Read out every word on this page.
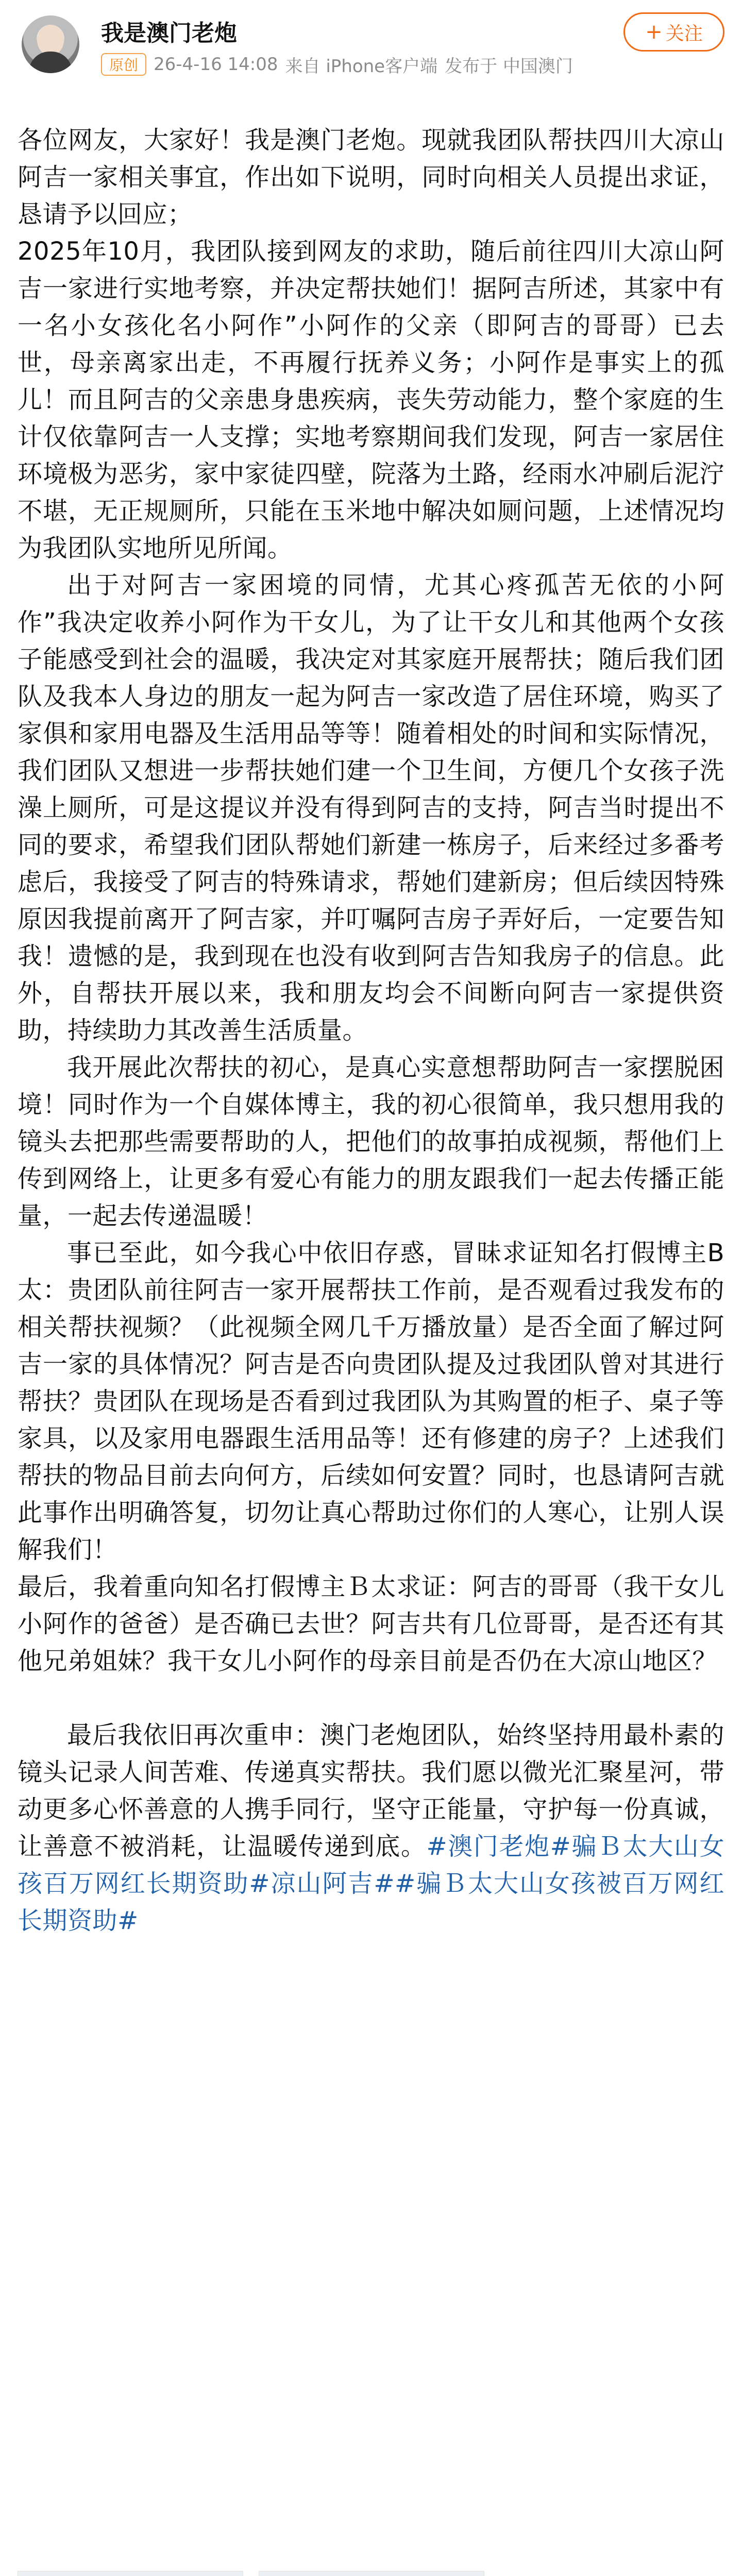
我是澳门老炮
原创 26-4-16 14:08 来自 iPhone客户端 发布于 中国澳门
+ 关注

各位网友，大家好！我是澳门老炮。现就我团队帮扶四川大凉山阿吉一家相关事宜，作出如下说明，同时向相关人员提出求证，恳请予以回应；

2025年10月，我团队接到网友的求助，随后前往四川大凉山阿吉一家进行实地考察，并决定帮扶她们！据阿吉所述，其家中有一名小女孩化名小阿作”小阿作的父亲（即阿吉的哥哥）已去世，母亲离家出走，不再履行抚养义务；小阿作是事实上的孤儿！而且阿吉的父亲患身患疾病，丧失劳动能力，整个家庭的生计仅依靠阿吉一人支撑；实地考察期间我们发现，阿吉一家居住环境极为恶劣，家中家徒四壁，院落为土路，经雨水冲刷后泥泞不堪，无正规厕所，只能在玉米地中解决如厕问题，上述情况均为我团队实地所见所闻。

出于对阿吉一家困境的同情，尤其心疼孤苦无依的小阿作”我决定收养小阿作为干女儿，为了让干女儿和其他两个女孩子能感受到社会的温暖，我决定对其家庭开展帮扶；随后我们团队及我本人身边的朋友一起为阿吉一家改造了居住环境，购买了家俱和家用电器及生活用品等等！随着相处的时间和实际情况，我们团队又想进一步帮扶她们建一个卫生间，方便几个女孩子洗澡上厕所，可是这提议并没有得到阿吉的支持，阿吉当时提出不同的要求，希望我们团队帮她们新建一栋房子，后来经过多番考虑后，我接受了阿吉的特殊请求，帮她们建新房；但后续因特殊原因我提前离开了阿吉家，并叮嘱阿吉房子弄好后，一定要告知我！遗憾的是，我到现在也没有收到阿吉告知我房子的信息。此外，自帮扶开展以来，我和朋友均会不间断向阿吉一家提供资助，持续助力其改善生活质量。

我开展此次帮扶的初心，是真心实意想帮助阿吉一家摆脱困境！同时作为一个自媒体博主，我的初心很简单，我只想用我的镜头去把那些需要帮助的人，把他们的故事拍成视频，帮他们上传到网络上，让更多有爱心有能力的朋友跟我们一起去传播正能量，一起去传递温暖！

事已至此，如今我心中依旧存惑，冒昧求证知名打假博主B太：贵团队前往阿吉一家开展帮扶工作前，是否观看过我发布的相关帮扶视频？（此视频全网几千万播放量）是否全面了解过阿吉一家的具体情况？阿吉是否向贵团队提及过我团队曾对其进行帮扶？贵团队在现场是否看到过我团队为其购置的柜子、桌子等家具，以及家用电器跟生活用品等！还有修建的房子？上述我们帮扶的物品目前去向何方，后续如何安置？同时，也恳请阿吉就此事作出明确答复，切勿让真心帮助过你们的人寒心，让别人误解我们！

最后，我着重向知名打假博主Ｂ太求证：阿吉的哥哥（我干女儿小阿作的爸爸）是否确已去世？阿吉共有几位哥哥，是否还有其他兄弟姐妹？我干女儿小阿作的母亲目前是否仍在大凉山地区？

最后我依旧再次重申：澳门老炮团队，始终坚持用最朴素的镜头记录人间苦难、传递真实帮扶。我们愿以微光汇聚星河，带动更多心怀善意的人携手同行，坚守正能量，守护每一份真诚，让善意不被消耗，让温暖传递到底。#澳门老炮#骗Ｂ太大山女孩百万网红长期资助#凉山阿吉##骗Ｂ太大山女孩被百万网红长期资助#
